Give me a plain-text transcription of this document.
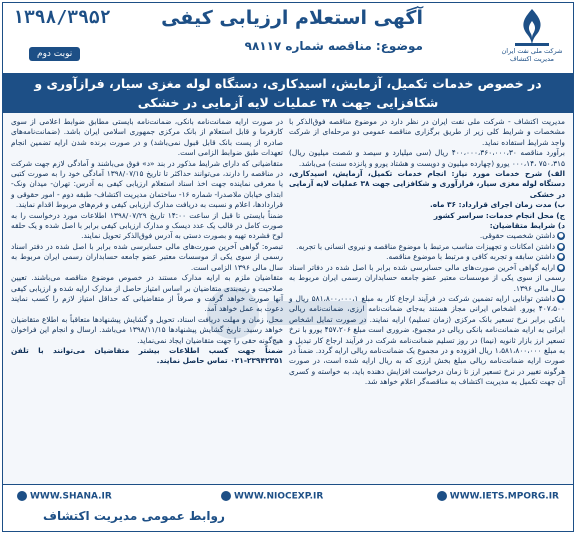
شرکت ملی نفت ایران
مدیریت اکتشاف
آگهی استعلام ارزیابی کیفی
۱۳۹۸/۳۹۵۲
نوبت دوم
موضوع: مناقصه شماره ۹۸۱۱۷
در خصوص خدمات تکمیل، آزمایش، اسیدکاری، دستگاه لوله مغزی سیار، فرازآوری و
شکافزایی جهت ۳۸ عملیات لایه آزمایی در خشکی
مدیریت اکتشاف - شرکت ملی نفت ایران در نظر دارد در موضوع مناقصه فوق‌الذکر با مشخصات و شرایط کلی زیر از طریق برگزاری مناقصه عمومی دو مرحله‌ای از شرکت واجد شرایط استفاده نماید.
برآورد مناقصه ۴۰۰،۰۰۰،۳۶۰،۰۰۰،۳۰ ریال (سی میلیارد و سیصد و شصت میلیون ریال) ۷۵۰،۳۱۵ ،۰۰۰،۱۴ یورو (چهارده میلیون و دویست و هشتاد یورو و پانزده سنت) می‌باشد.
الف) شرح خدمات مورد نیاز: انجام خدمات تکمیل، آزمایش، اسیدکاری، دستگاه لوله مغزی سیار، فرازآوری و شکافزایی جهت ۳۸ عملیات لایه آزمایی در خشکی
ب) مدت زمان اجرای قرارداد: ۳۶ ماه.
ج) محل انجام خدمات: سراسر کشور
د) شرایط متقاضیان:
●داشتن شخصیت حقوقی.
●داشتن امکانات و تجهیزات مناسب مرتبط با موضوع مناقصه و نیروی انسانی با تجربه.
●داشتن سابقه و تجربه کافی و مرتبط با موضوع مناقصه.
●ارایه گواهی آخرین صورت‌های مالی حسابرسی شده برابر با اصل شده در دفاتر اسناد رسمی از سوی یکی از موسسات معتبر عضو جامعه حسابداران رسمی ایران مربوط به سال مالی ۱۳۹۶.
●داشتن توانایی ارایه تضمین شرکت در فرآیند ارجاع کار به مبلغ ۵۸۱،۸۰۰،۰۰۰،۱ ریال و ۴۰۷،۵۰۰ یورو. اشخاص ایرانی مجاز هستند به‌جای ضمانت‌نامه ارزی، ضمانت‌نامه ریالی بانکی برابر نرخ تسعیر بانک مرکزی (زمان تسلیم) ارایه نمایند. در صورت تمایل اشخاص ایرانی به ارایه ضمانت‌نامه بانکی ریالی در مجموع، ضروری است مبلغ ۴۵۷،۲۰۶ یورو با نرخ تسعیر ارز بازار ثانویه (نیما) در روز تسلیم ضمانت‌نامه شرکت در فرآیند ارجاع کار تبدیل و به مبلغ ۱،۵۸۱،۸۰۰،۰۰۰ ریال افزوده و در مجموع یک ضمانت‌نامه ریالی ارایه گردد. ضمناً در صورت ارایه ضمانت‌نامه ریالی مبلغ بخش ارزی که به ریال ارایه شده است، در صورت هرگونه تغییر در نرخ تسعیر ارز تا زمان درخواست افزایش دهنده باید، به خواسته و کسری آن جهت تکمیل به مدیریت اکتشاف به مناقصه‌گر اعلام خواهد شد.
در صورت ارایه ضمانت‌نامه بانکی، ضمانت‌نامه بایستی مطابق ضوابط اعلامی از سوی کارفرما و قابل استعلام از بانک مرکزی جمهوری اسلامی ایران باشد. (ضمانت‌نامه‌های صادره از پست بانک قابل قبول نمی‌باشد) و در صورت برنده شدن ارایه تضمین انجام تعهدات طبق ضوابط الزامی است.
متقاضیانی که دارای شرایط مذکور در بند «د» فوق می‌باشند و آمادگی لازم جهت شرکت در مناقصه را دارند، می‌توانند حداکثر تا تاریخ ۱۳۹۸/۰۷/۱۵ آمادگی خود را به صورت کتبی یا معرفی نماینده جهت اخذ اسناد استعلام ارزیابی کیفی به آدرس: تهران- میدان ونک- ابتدای خیابان ملاصدرا- شماره ۱۶- ساختمان مدیریت اکتشاف- طبقه دوم - امور حقوقی و قراردادها، اعلام و نسبت به دریافت مدارک ارزیابی کیفی و فرم‌های مربوط اقدام نمایند.
ضمناً بایستی تا قبل از ساعت ۱۴:۰۰ تاریخ ۱۳۹۸/۰۷/۲۹ اطلاعات مورد درخواست را به صورت کامل در قالب یک عدد دیسک و مدارک ارزیابی کیفی برابر با اصل شده و یک حلقه لوح فشرده تهیه و بصورت دستی به آدرس فوق‌الذکر تحویل نمایند.
تبصره: گواهی آخرین صورت‌های مالی حسابرسی شده برابر با اصل شده در دفتر اسناد رسمی از سوی یکی از موسسات معتبر عضو جامعه حسابداران رسمی ایران مربوط به سال مالی ۱۳۹۶ الزامی است.
متقاضیان ملزم به ارایه مدارک مستند در خصوص موضوع مناقصه می‌باشند. تعیین صلاحیت و رتبه‌بندی متقاضیان بر اساس امتیاز حاصل از مدارک ارایه شده و ارزیابی کیفی آنها صورت خواهد گرفت و صرفاً از متقاضیانی که حداقل امتیاز لازم را کسب نمایند دعوت به عمل خواهد آمد.
محل، زمان و مهلت دریافت اسناد، تحویل و گشایش پیشنهادها متعاقباً به اطلاع متقاضیان خواهد رسید. تاریخ گشایش پیشنهادها ۱۳۹۸/۱۱/۱۵ می‌باشد. ارسال و انجام این فراخوان هیچ‌گونه حقی را جهت متقاضیان ایجاد نمی‌نماید.
ضمناً جهت کسب اطلاعات بیشتر متقاضیان می‌توانند با تلفن ۲۳۹۴۲۳۵۱-۰۲۱ تماس حاصل نمایند.
WWW.SHANA.IR	WWW.NIOCEXP.IR	WWW.IETS.MPORG.IR
روابط عمومی مدیریت اکتشاف
